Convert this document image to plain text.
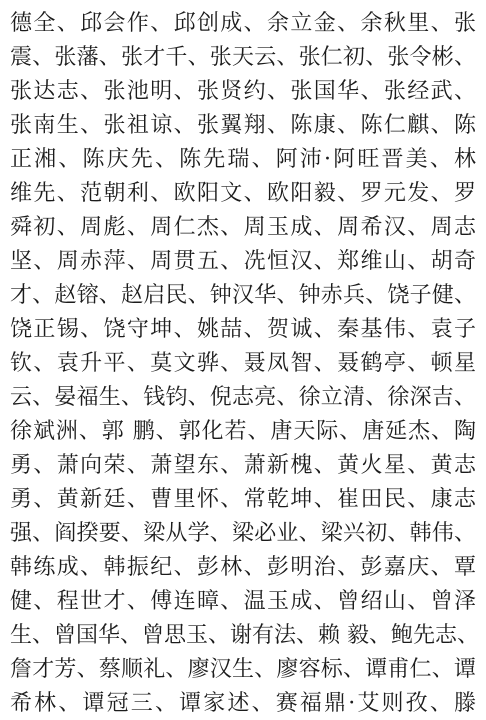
德全、邱会作、邱创成、余立金、余秋里、张
震、张藩、张才千、张天云、张仁初、张令彬、
张达志、张池明、张贤约、张国华、张经武、
张南生、张祖谅、张翼翔、陈康、陈仁麒、陈
正湘、陈庆先、陈先瑞、阿沛·阿旺晋美、林
维先、范朝利、欧阳文、欧阳毅、罗元发、罗
舜初、周彪、周仁杰、周玉成、周希汉、周志
坚、周赤萍、周贯五、冼恒汉、郑维山、胡奇
才、赵镕、赵启民、钟汉华、钟赤兵、饶子健、
饶正锡、饶守坤、姚喆、贺诚、秦基伟、袁子
钦、袁升平、莫文骅、聂凤智、聂鹤亭、顿星
云、晏福生、钱钧、倪志亮、徐立清、徐深吉、
徐斌洲、郭 鹏、郭化若、唐天际、唐延杰、陶
勇、萧向荣、萧望东、萧新槐、黄火星、黄志
勇、黄新廷、曹里怀、常乾坤、崔田民、康志
强、阎揆要、梁从学、梁必业、梁兴初、韩伟、
韩练成、韩振纪、彭林、彭明治、彭嘉庆、覃
健、程世才、傅连暲、温玉成、曾绍山、曾泽
生、曾国华、曾思玉、谢有法、赖 毅、鲍先志、
詹才芳、蔡顺礼、廖汉生、廖容标、谭甫仁、谭
希林、谭冠三、谭家述、赛福鼎·艾则孜、滕
